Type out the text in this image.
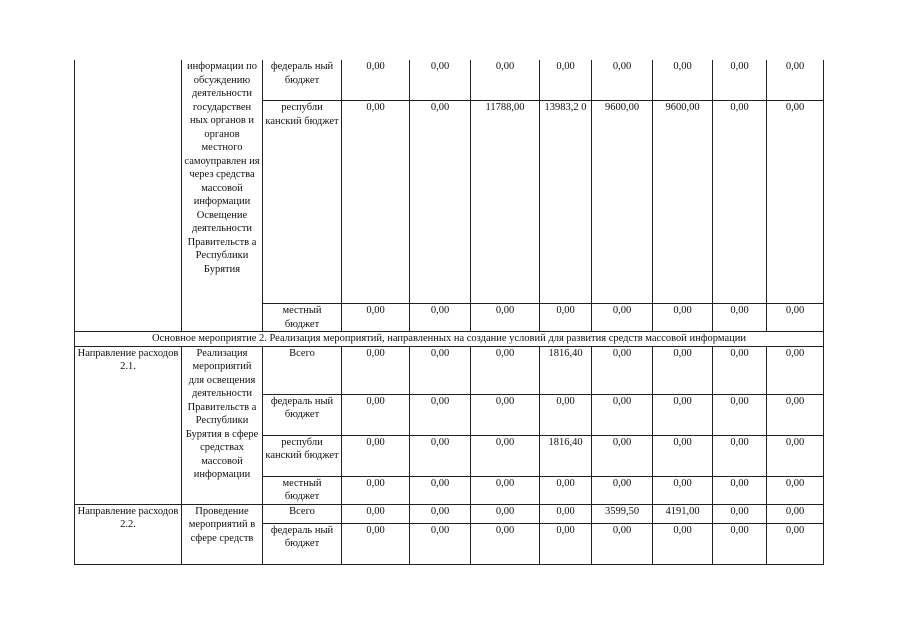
	информации по обсуждению деятельности государствен ных органов и органов местного самоуправлен ия через средства массовой информации Освещение деятельности Правительств а Республики Бурятия	федераль ный бюджет	0,00	0,00	0,00	0,00	0,00	0,00	0,00	0,00
		республи канский бюджет	0,00	0,00	11788,00	13983,2 0	9600,00	9600,00	0,00	0,00
		местный бюджет	0,00	0,00	0,00	0,00	0,00	0,00	0,00	0,00
Основное мероприятие 2. Реализация мероприятий, направленных на создание условий для развития средств массовой информации										
Направлениe расходов 2.1.	Реализация мероприятий для освещения деятельности Правительств а Республики Бурятия в сфере средствах массовой информации	Всего	0,00	0,00	0,00	1816,40	0,00	0,00	0,00	0,00
		федераль ный бюджет	0,00	0,00	0,00	0,00	0,00	0,00	0,00	0,00
		республи канский бюджет	0,00	0,00	0,00	1816,40	0,00	0,00	0,00	0,00
		местный бюджет	0,00	0,00	0,00	0,00	0,00	0,00	0,00	0,00
Направление расходов 2.2.	Проведение мероприятий в сфере средств	Всего	0,00	0,00	0,00	0,00	3599,50	4191,00	0,00	0,00
		федераль ный бюджет	0,00	0,00	0,00	0,00	0,00	0,00	0,00	0,00
